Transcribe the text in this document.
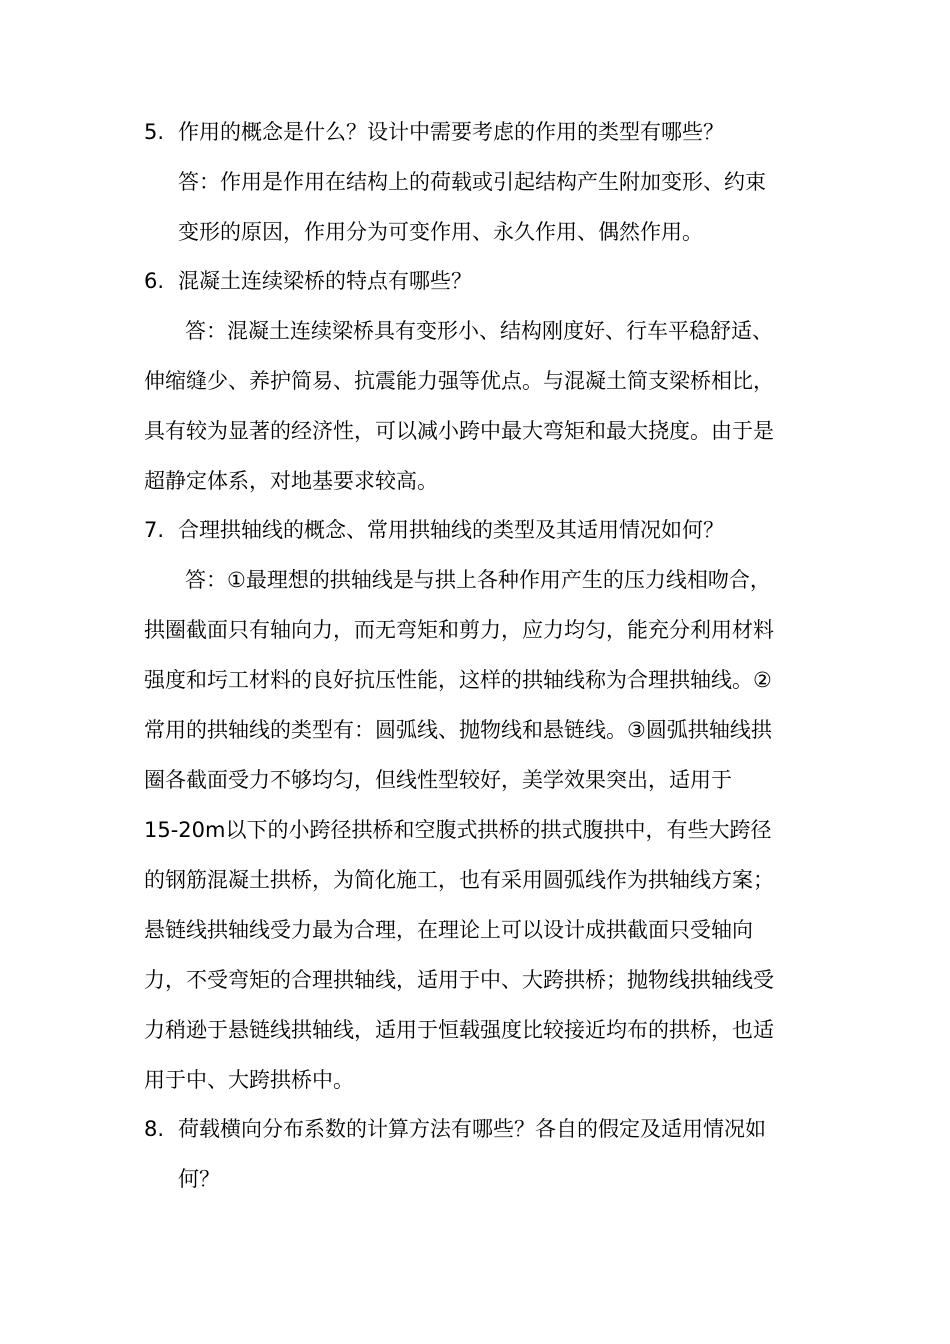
5. 作用的概念是什么？设计中需要考虑的作用的类型有哪些？
答：作用是作用在结构上的荷载或引起结构产生附加变形、约束
变形的原因，作用分为可变作用、永久作用、偶然作用。
6. 混凝土连续梁桥的特点有哪些？
答：混凝土连续梁桥具有变形小、结构刚度好、行车平稳舒适、
伸缩缝少、养护简易、抗震能力强等优点。与混凝土简支梁桥相比，
具有较为显著的经济性，可以减小跨中最大弯矩和最大挠度。由于是
超静定体系，对地基要求较高。
7. 合理拱轴线的概念、常用拱轴线的类型及其适用情况如何？
答：①最理想的拱轴线是与拱上各种作用产生的压力线相吻合，
拱圈截面只有轴向力，而无弯矩和剪力，应力均匀，能充分利用材料
强度和圬工材料的良好抗压性能，这样的拱轴线称为合理拱轴线。②
常用的拱轴线的类型有：圆弧线、抛物线和悬链线。③圆弧拱轴线拱
圈各截面受力不够均匀，但线性型较好，美学效果突出，适用于
15-20m以下的小跨径拱桥和空腹式拱桥的拱式腹拱中，有些大跨径
的钢筋混凝土拱桥，为简化施工，也有采用圆弧线作为拱轴线方案；
悬链线拱轴线受力最为合理，在理论上可以设计成拱截面只受轴向
力，不受弯矩的合理拱轴线，适用于中、大跨拱桥；抛物线拱轴线受
力稍逊于悬链线拱轴线，适用于恒载强度比较接近均布的拱桥，也适
用于中、大跨拱桥中。
8. 荷载横向分布系数的计算方法有哪些？各自的假定及适用情况如
何？
